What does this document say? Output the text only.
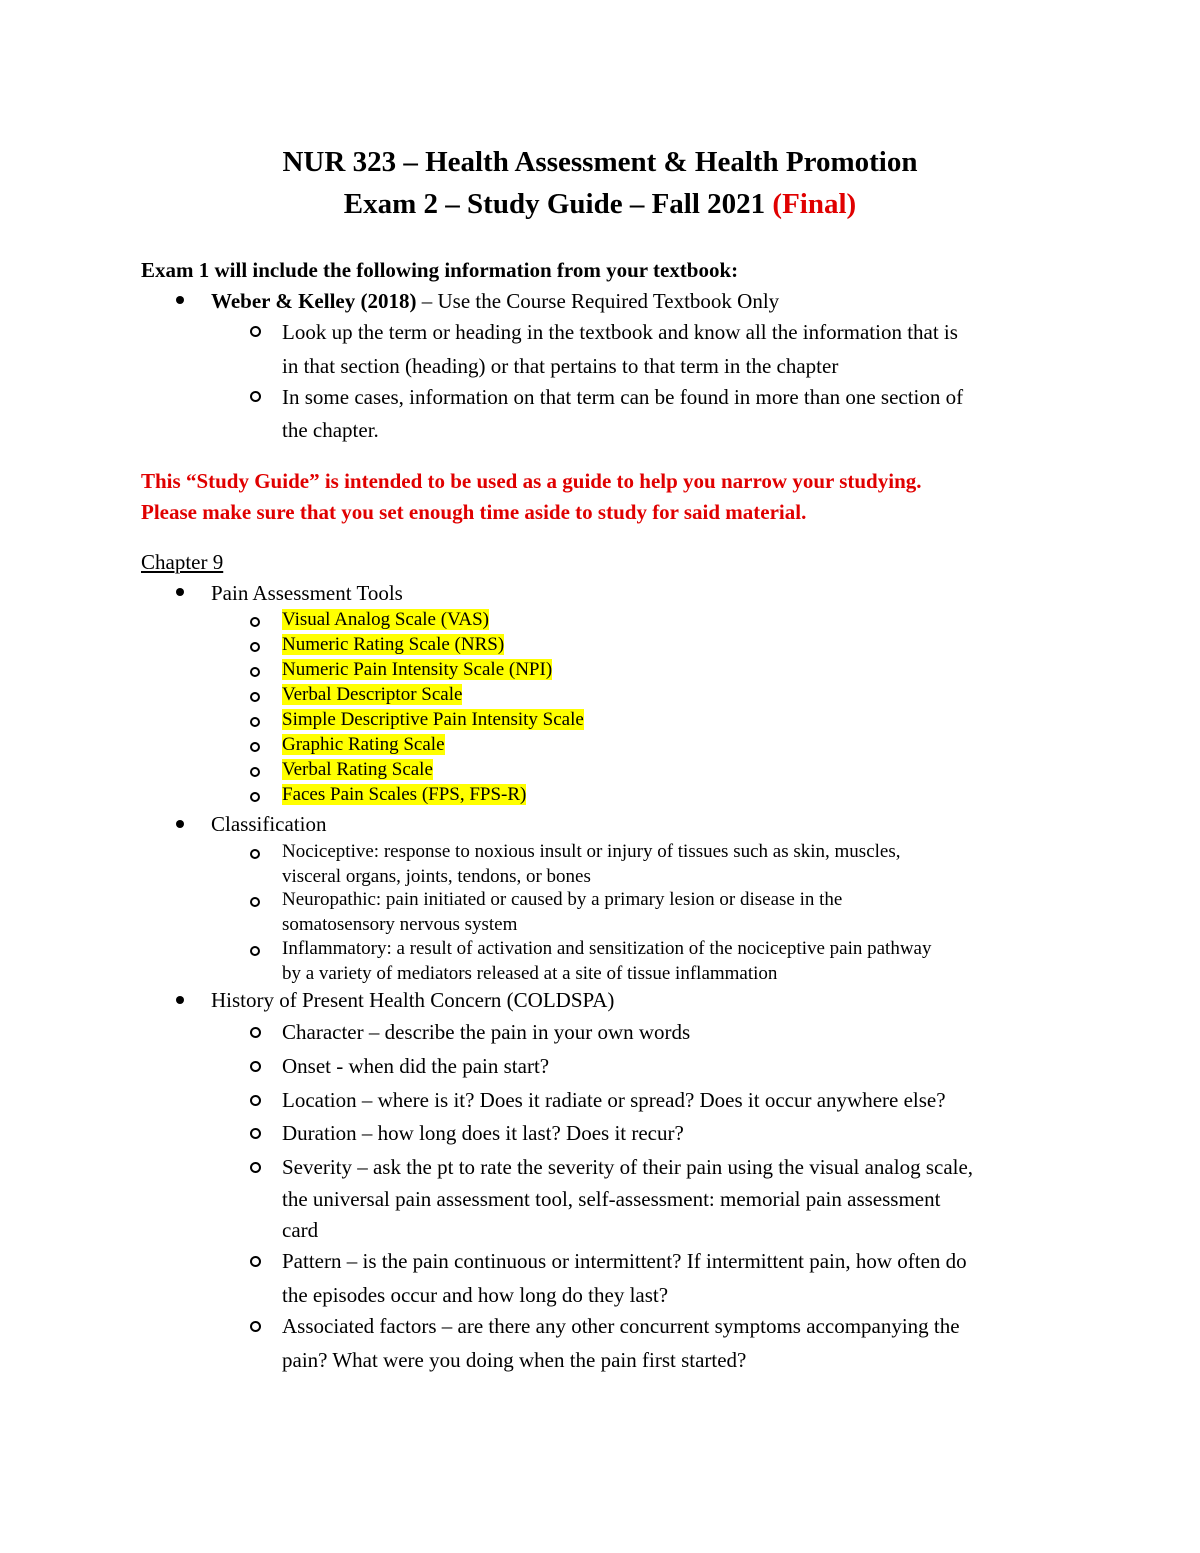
NUR 323 – Health Assessment & Health Promotion
Exam 2 – Study Guide – Fall 2021 (Final)
Exam 1 will include the following information from your textbook:
Weber & Kelley (2018) – Use the Course Required Textbook Only
Look up the term or heading in the textbook and know all the information that is
in that section (heading) or that pertains to that term in the chapter
In some cases, information on that term can be found in more than one section of
the chapter.
This “Study Guide” is intended to be used as a guide to help you narrow your studying.
Please make sure that you set enough time aside to study for said material.
Chapter 9
Pain Assessment Tools
Visual Analog Scale (VAS)
Numeric Rating Scale (NRS)
Numeric Pain Intensity Scale (NPI)
Verbal Descriptor Scale
Simple Descriptive Pain Intensity Scale
Graphic Rating Scale
Verbal Rating Scale
Faces Pain Scales (FPS, FPS-R)
Classification
Nociceptive: response to noxious insult or injury of tissues such as skin, muscles,
visceral organs, joints, tendons, or bones
Neuropathic: pain initiated or caused by a primary lesion or disease in the
somatosensory nervous system
Inflammatory: a result of activation and sensitization of the nociceptive pain pathway
by a variety of mediators released at a site of tissue inflammation
History of Present Health Concern (COLDSPA)
Character – describe the pain in your own words
Onset - when did the pain start?
Location – where is it? Does it radiate or spread? Does it occur anywhere else?
Duration – how long does it last? Does it recur?
Severity – ask the pt to rate the severity of their pain using the visual analog scale,
the universal pain assessment tool, self-assessment: memorial pain assessment
card
Pattern – is the pain continuous or intermittent? If intermittent pain, how often do
the episodes occur and how long do they last?
Associated factors – are there any other concurrent symptoms accompanying the
pain? What were you doing when the pain first started?
